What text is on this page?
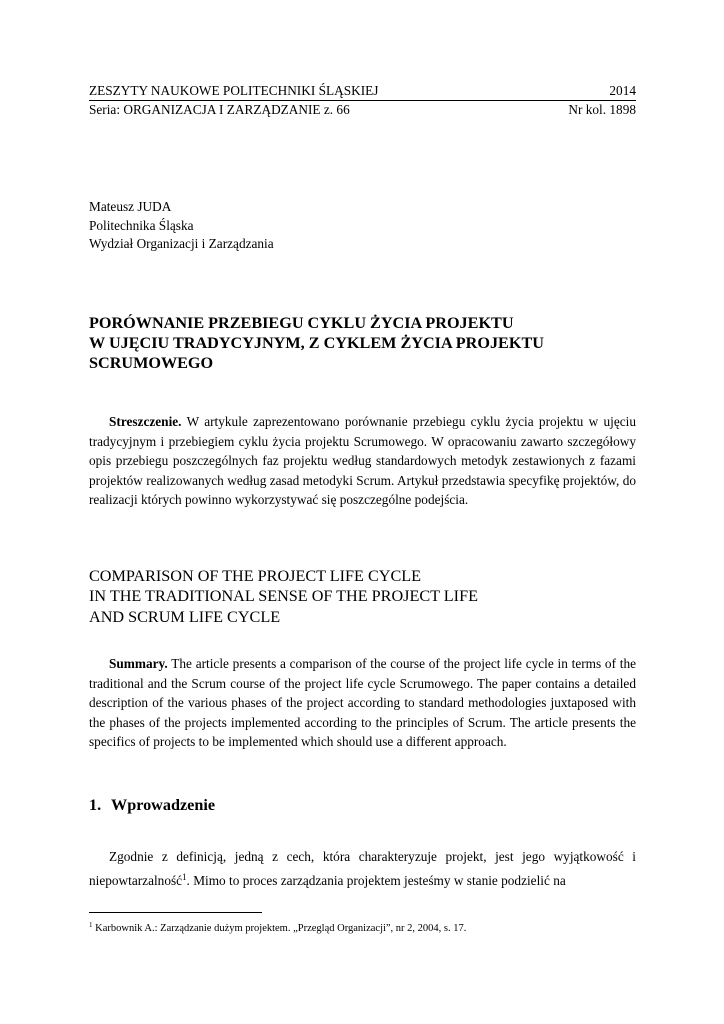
ZESZYTY NAUKOWE POLITECHNIKI ŚLĄSKIEJ	2014
Seria: ORGANIZACJA I ZARZĄDZANIE z. 66	Nr kol. 1898
Mateusz JUDA
Politechnika Śląska
Wydział Organizacji i Zarządzania
PORÓWNANIE PRZEBIEGU CYKLU ŻYCIA PROJEKTU
W UJĘCIU TRADYCYJNYM, Z CYKLEM ŻYCIA PROJEKTU
SCRUMOWEGO

Streszczenie. W artykule zaprezentowano porównanie przebiegu cyklu życia projektu w ujęciu tradycyjnym i przebiegiem cyklu życia projektu Scrumowego. W opracowaniu zawarto szczegółowy opis przebiegu poszczególnych faz projektu według standardowych metodyk zestawionych z fazami projektów realizowanych według zasad metodyki Scrum. Artykuł przedstawia specyfikę projektów, do realizacji których powinno wykorzystywać się poszczególne podejścia.

COMPARISON OF THE PROJECT LIFE CYCLE
IN THE TRADITIONAL SENSE OF THE PROJECT LIFE
AND SCRUM LIFE CYCLE

Summary. The article presents a comparison of the course of the project life cycle in terms of the traditional and the Scrum course of the project life cycle Scrumowego. The paper contains a detailed description of the various phases of the project according to standard methodologies juxtaposed with the phases of the projects implemented according to the principles of Scrum. The article presents the specifics of projects to be implemented which should use a different approach.

1. Wprowadzenie

Zgodnie z definicją, jedną z cech, która charakteryzuje projekt, jest jego wyjątkowość i niepowtarzalność$^1$. Mimo to proces zarządzania projektem jesteśmy w stanie podzielić na

$^1$ Karbownik A.: Zarządzanie dużym projektem. „Przegląd Organizacji”, nr 2, 2004, s. 17.
